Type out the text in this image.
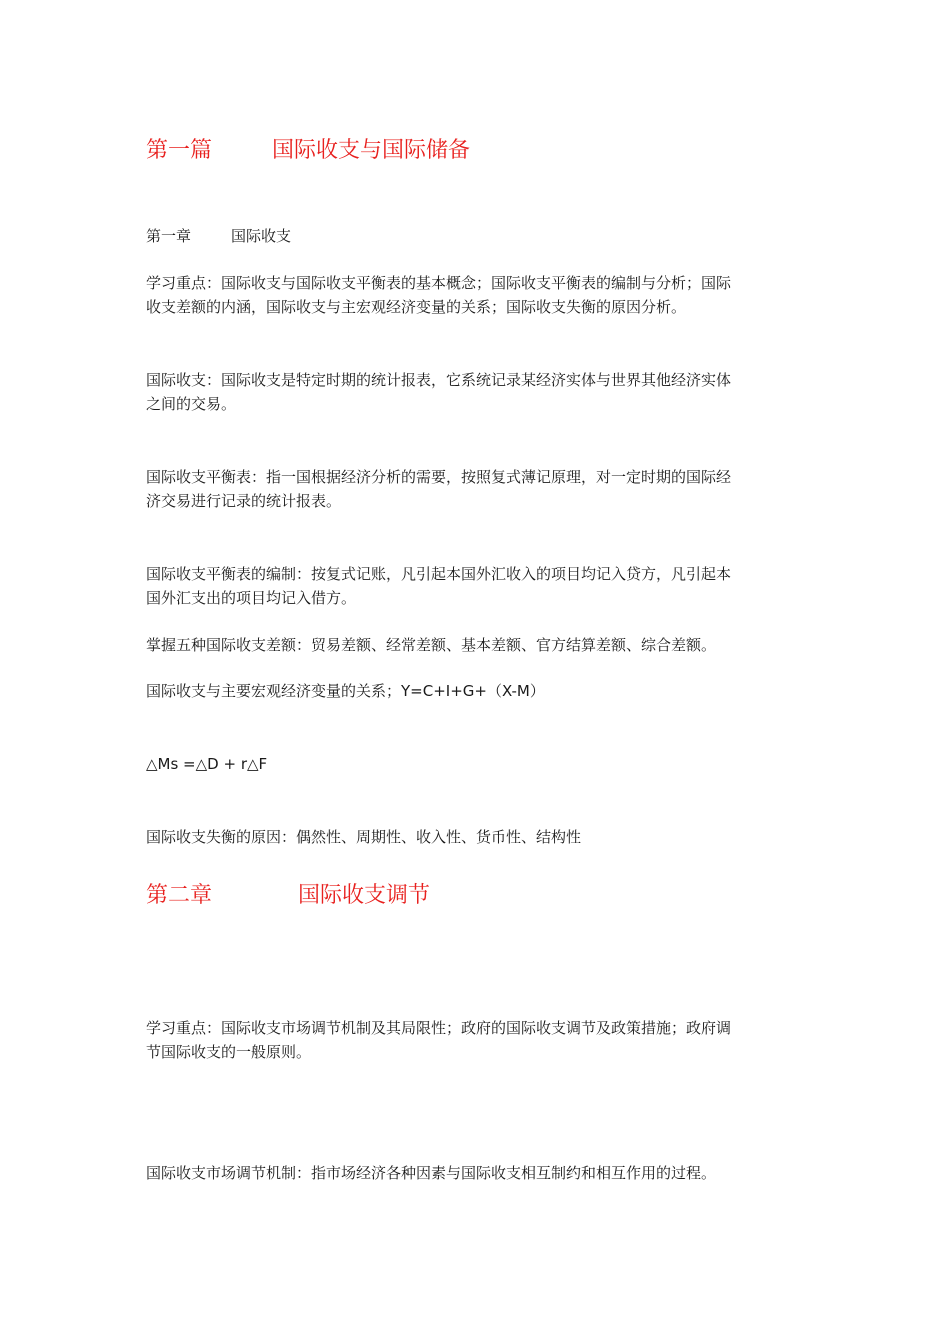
第一篇	国际收支与国际储备
第一章	国际收支
学习重点：国际收支与国际收支平衡表的基本概念；国际收支平衡表的编制与分析；国际
收支差额的内涵，国际收支与主宏观经济变量的关系；国际收支失衡的原因分析。
国际收支：国际收支是特定时期的统计报表，它系统记录某经济实体与世界其他经济实体
之间的交易。
国际收支平衡表：指一国根据经济分析的需要，按照复式薄记原理，对一定时期的国际经
济交易进行记录的统计报表。
国际收支平衡表的编制：按复式记账，凡引起本国外汇收入的项目均记入贷方，凡引起本
国外汇支出的项目均记入借方。
掌握五种国际收支差额：贸易差额、经常差额、基本差额、官方结算差额、综合差额。
国际收支与主要宏观经济变量的关系；Y=C+I+G+（X-M）
△Ms =△D + r△F
国际收支失衡的原因：偶然性、周期性、收入性、货币性、结构性
第二章	国际收支调节
学习重点：国际收支市场调节机制及其局限性；政府的国际收支调节及政策措施；政府调
节国际收支的一般原则。
国际收支市场调节机制：指市场经济各种因素与国际收支相互制约和相互作用的过程。
